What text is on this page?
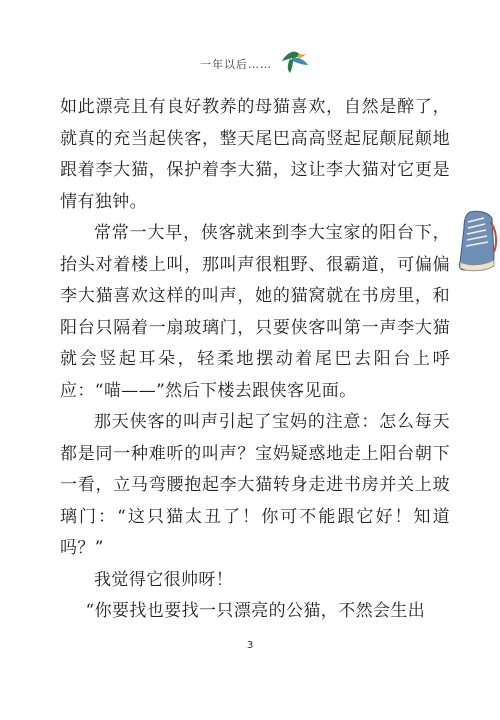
一年以后……

如此漂亮且有良好教养的母猫喜欢，自然是醉了，就真的充当起侠客，整天尾巴高高竖起屁颠屁颠地跟着李大猫，保护着李大猫，这让李大猫对它更是情有独钟。

常常一大早，侠客就来到李大宝家的阳台下，抬头对着楼上叫，那叫声很粗野、很霸道，可偏偏李大猫喜欢这样的叫声，她的猫窝就在书房里，和阳台只隔着一扇玻璃门，只要侠客叫第一声李大猫就会竖起耳朵，轻柔地摆动着尾巴去阳台上呼应：“喵——”然后下楼去跟侠客见面。

那天侠客的叫声引起了宝妈的注意：怎么每天都是同一种难听的叫声？宝妈疑惑地走上阳台朝下一看，立马弯腰抱起李大猫转身走进书房并关上玻璃门：“这只猫太丑了！你可不能跟它好！知道吗？”

我觉得它很帅呀！

“你要找也要找一只漂亮的公猫，不然会生出

3
